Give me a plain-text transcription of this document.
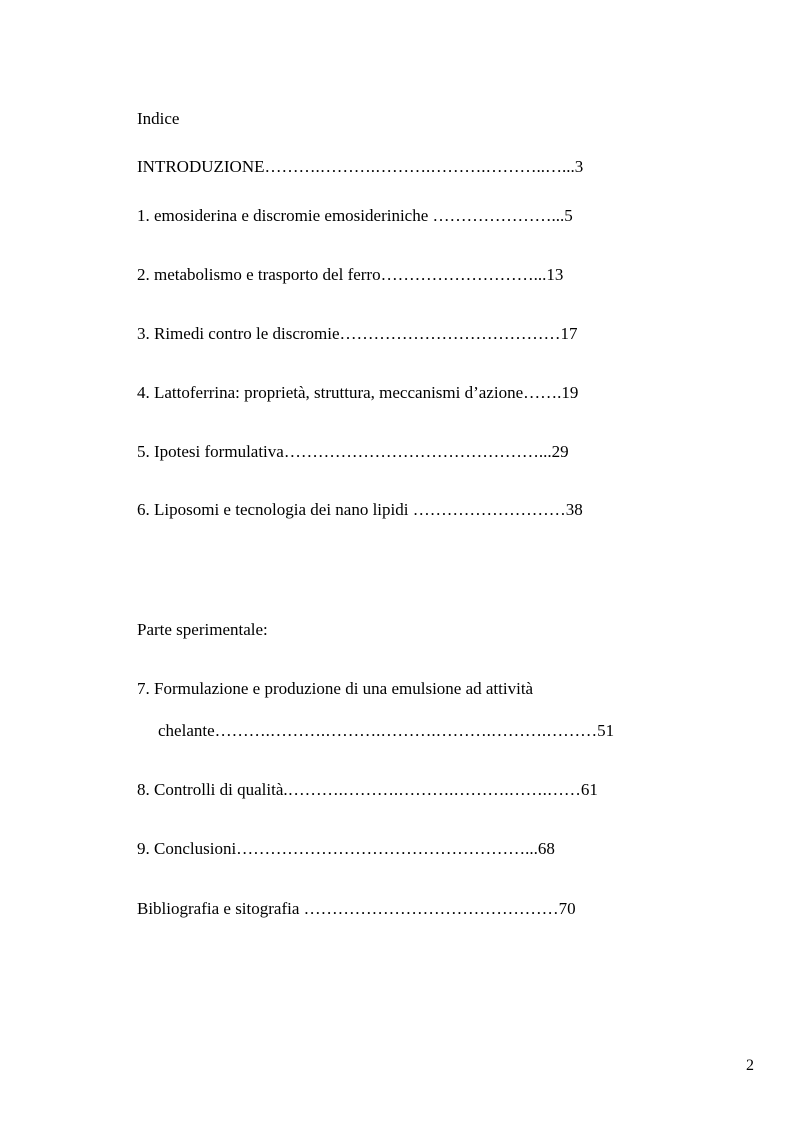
Indice
INTRODUZIONE……….……….……….……….………..…...3
1. emosiderina e discromie emosideriniche …………………...5
2. metabolismo e trasporto del ferro………………………...13
3. Rimedi contro le discromie…………………………………17
4. Lattoferrina: proprietà, struttura, meccanismi d’azione…….19
5. Ipotesi formulativa………………………………………...29
6. Liposomi e tecnologia dei nano lipidi ………………………38
Parte sperimentale:
7. Formulazione e produzione di una emulsione ad attività
chelante……….……….……….……….……….……….………51
8. Controlli di qualità.……….……….……….……….…….……61
9. Conclusioni……………………………………………...68
Bibliografia e sitografia ………………………………………70
2
